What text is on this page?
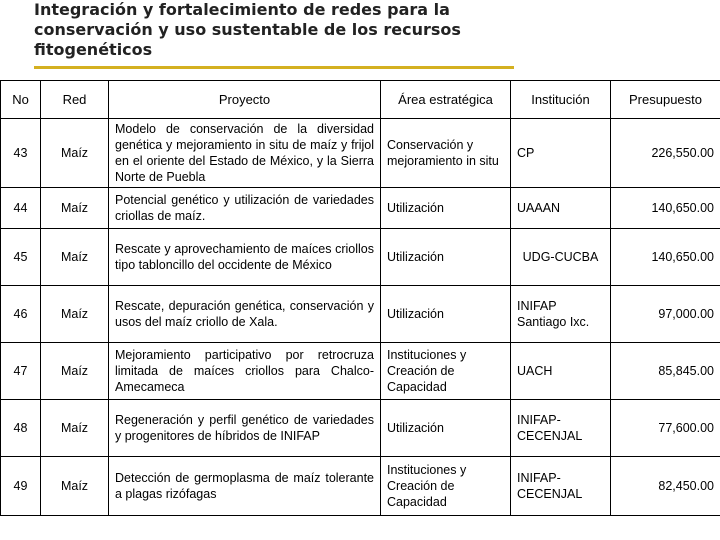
Integración y fortalecimiento de redes para la conservación y uso sustentable de los recursos fitogenéticos
No	Red	Proyecto	Área estratégica	Institución	Presupuesto
43	Maíz	Modelo de conservación de la diversidad genética y mejoramiento in situ de maíz y frijol en el oriente del Estado de México, y la Sierra Norte de Puebla	Conservación y mejoramiento in situ	CP	226,550.00
44	Maíz	Potencial genético y utilización de variedades criollas de maíz.	Utilización	UAAAN	140,650.00
45	Maíz	Rescate y aprovechamiento de maíces criollos tipo tabloncillo del occidente de México	Utilización	UDG-CUCBA	140,650.00
46	Maíz	Rescate, depuración genética, conservación y usos del maíz criollo de Xala.	Utilización	INIFAP Santiago Ixc.	97,000.00
47	Maíz	Mejoramiento participativo por retrocruza limitada de maíces criollos para Chalco-Amecameca	Instituciones y Creación de Capacidad	UACH	85,845.00
48	Maíz	Regeneración y perfil genético de variedades y progenitores de híbridos de INIFAP	Utilización	INIFAP-CECENJAL	77,600.00
49	Maíz	Detección de germoplasma de maíz tolerante a plagas rizófagas	Instituciones y Creación de Capacidad	INIFAP-CECENJAL	82,450.00
